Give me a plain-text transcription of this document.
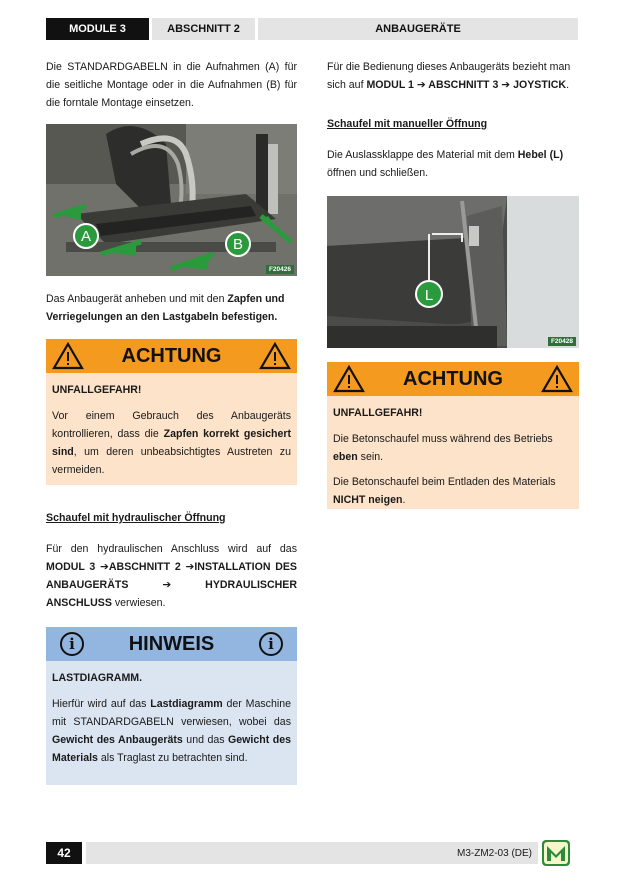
MODULE 3	ABSCHNITT 2	ANBAUGERÄTE

Die STANDARDGABELN in die Aufnahmen (A) für die seitliche Montage oder in die Aufnahmen (B) für die forntale Montage einsetzen.

A	B
F20426

Das Anbaugerät anheben und mit den Zapfen und Verriegelungen an den Lastgabeln befestigen.

ACHTUNG

UNFALLGEFAHR!

Vor einem Gebrauch des Anbaugeräts kontrollieren, dass die Zapfen korrekt gesichert sind, um deren unbeabsichtigtes Austreten zu vermeiden.

Schaufel mit hydraulischer Öffnung

Für den hydraulischen Anschluss wird auf das MODUL 3 ➔ABSCHNITT 2 ➔INSTALLATION DES ANBAUGERÄTS ➔ HYDRAULISCHER ANSCHLUSS verwiesen.

i	HINWEIS	i

LASTDIAGRAMM.

Hierfür wird auf das Lastdiagramm der Maschine mit STANDARDGABELN verwiesen, wobei das Gewicht des Anbaugeräts und das Gewicht des Materials als Traglast zu betrachten sind.

Für die Bedienung dieses Anbaugeräts bezieht man sich auf MODUL 1 ➔ ABSCHNITT 3 ➔ JOYSTICK.

Schaufel mit manueller Öffnung

Die Auslassklappe des Material mit dem Hebel (L) öffnen und schließen.

L
F20428
ACHTUNG

UNFALLGEFAHR!

Die Betonschaufel muss während des Betriebs eben sein.

Die Betonschaufel beim Entladen des Materials NICHT neigen.

42	M3-ZM2-03 (DE)
